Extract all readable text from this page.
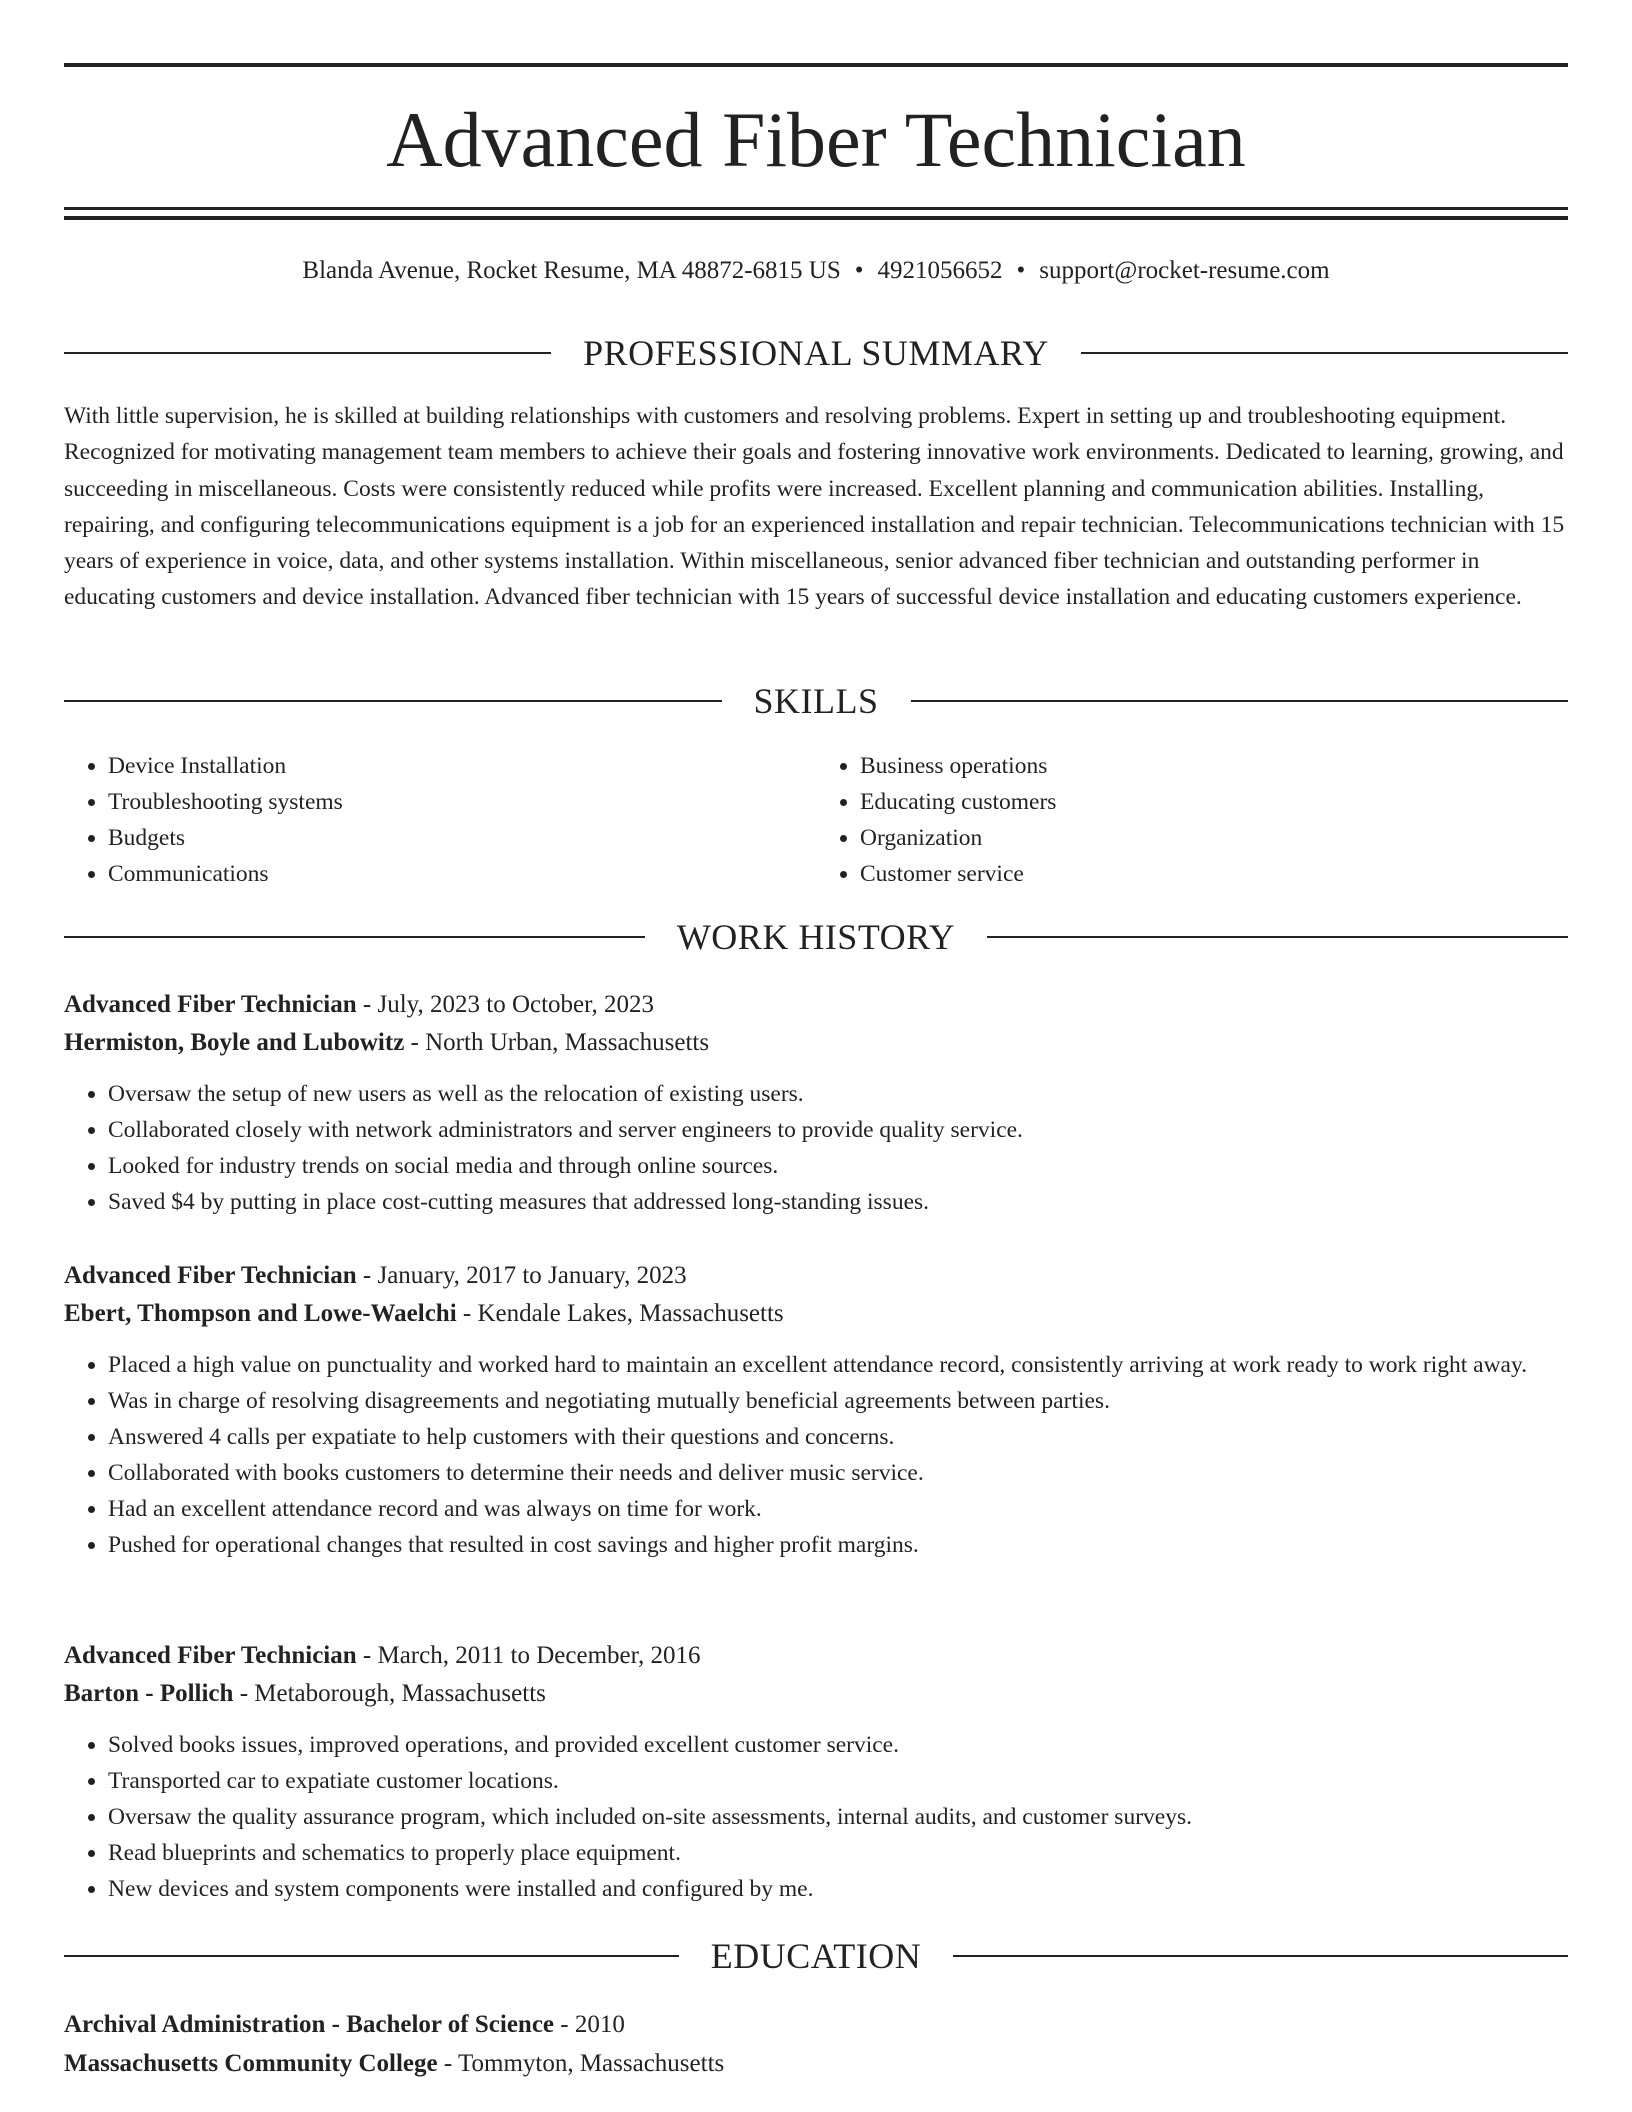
Advanced Fiber Technician
Blanda Avenue, Rocket Resume, MA 48872-6815 US • 4921056652 • support@rocket-resume.com
PROFESSIONAL SUMMARY

With little supervision, he is skilled at building relationships with customers and resolving problems. Expert in setting up and troubleshooting equipment. Recognized for motivating management team members to achieve their goals and fostering innovative work environments. Dedicated to learning, growing, and succeeding in miscellaneous. Costs were consistently reduced while profits were increased. Excellent planning and communication abilities. Installing, repairing, and configuring telecommunications equipment is a job for an experienced installation and repair technician. Telecommunications technician with 15 years of experience in voice, data, and other systems installation. Within miscellaneous, senior advanced fiber technician and outstanding performer in educating customers and device installation. Advanced fiber technician with 15 years of successful device installation and educating customers experience.

SKILLS
• Device Installation
• Troubleshooting systems
• Budgets
• Communications
• Business operations
• Educating customers
• Organization
• Customer service
WORK HISTORY
Advanced Fiber Technician - July, 2023 to October, 2023
Hermiston, Boyle and Lubowitz - North Urban, Massachusetts
• Oversaw the setup of new users as well as the relocation of existing users.
• Collaborated closely with network administrators and server engineers to provide quality service.
• Looked for industry trends on social media and through online sources.
• Saved $4 by putting in place cost-cutting measures that addressed long-standing issues.
Advanced Fiber Technician - January, 2017 to January, 2023
Ebert, Thompson and Lowe-Waelchi - Kendale Lakes, Massachusetts
• Placed a high value on punctuality and worked hard to maintain an excellent attendance record, consistently arriving at work ready to work right away.
• Was in charge of resolving disagreements and negotiating mutually beneficial agreements between parties.
• Answered 4 calls per expatiate to help customers with their questions and concerns.
• Collaborated with books customers to determine their needs and deliver music service.
• Had an excellent attendance record and was always on time for work.
• Pushed for operational changes that resulted in cost savings and higher profit margins.
Advanced Fiber Technician - March, 2011 to December, 2016
Barton - Pollich - Metaborough, Massachusetts
• Solved books issues, improved operations, and provided excellent customer service.
• Transported car to expatiate customer locations.
• Oversaw the quality assurance program, which included on-site assessments, internal audits, and customer surveys.
• Read blueprints and schematics to properly place equipment.
• New devices and system components were installed and configured by me.
EDUCATION
Archival Administration - Bachelor of Science - 2010
Massachusetts Community College - Tommyton, Massachusetts
